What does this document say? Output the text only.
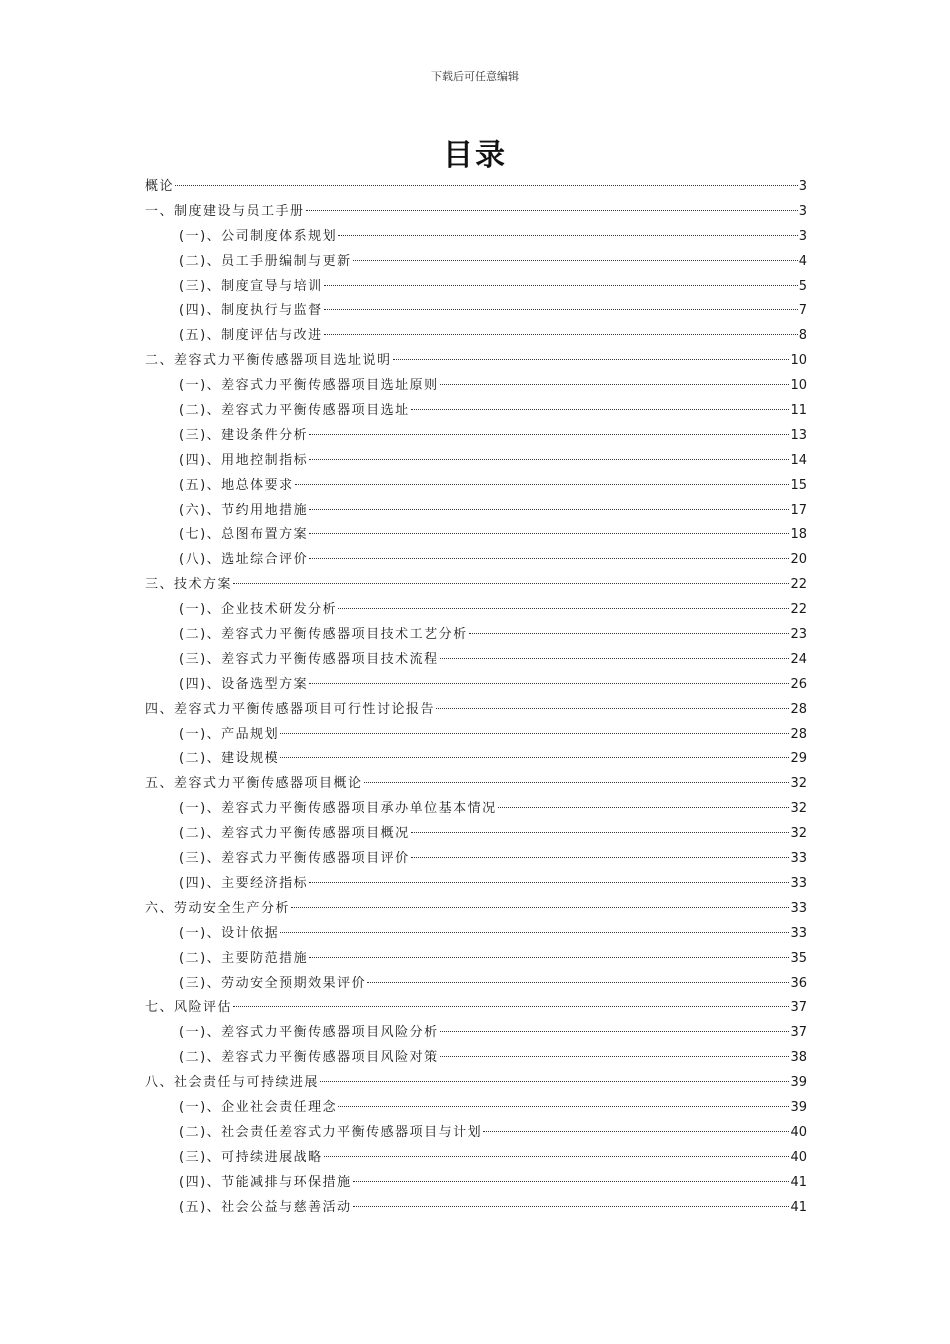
下载后可任意编辑
目录
概论	3
一、制度建设与员工手册	3
(一)、公司制度体系规划	3
(二)、员工手册编制与更新	4
(三)、制度宣导与培训	5
(四)、制度执行与监督	7
(五)、制度评估与改进	8
二、差容式力平衡传感器项目选址说明	10
(一)、差容式力平衡传感器项目选址原则	10
(二)、差容式力平衡传感器项目选址	11
(三)、建设条件分析	13
(四)、用地控制指标	14
(五)、地总体要求	15
(六)、节约用地措施	17
(七)、总图布置方案	18
(八)、选址综合评价	20
三、技术方案	22
(一)、企业技术研发分析	22
(二)、差容式力平衡传感器项目技术工艺分析	23
(三)、差容式力平衡传感器项目技术流程	24
(四)、设备选型方案	26
四、差容式力平衡传感器项目可行性讨论报告	28
(一)、产品规划	28
(二)、建设规模	29
五、差容式力平衡传感器项目概论	32
(一)、差容式力平衡传感器项目承办单位基本情况	32
(二)、差容式力平衡传感器项目概况	32
(三)、差容式力平衡传感器项目评价	33
(四)、主要经济指标	33
六、劳动安全生产分析	33
(一)、设计依据	33
(二)、主要防范措施	35
(三)、劳动安全预期效果评价	36
七、风险评估	37
(一)、差容式力平衡传感器项目风险分析	37
(二)、差容式力平衡传感器项目风险对策	38
八、社会责任与可持续进展	39
(一)、企业社会责任理念	39
(二)、社会责任差容式力平衡传感器项目与计划	40
(三)、可持续进展战略	40
(四)、节能减排与环保措施	41
(五)、社会公益与慈善活动	41
